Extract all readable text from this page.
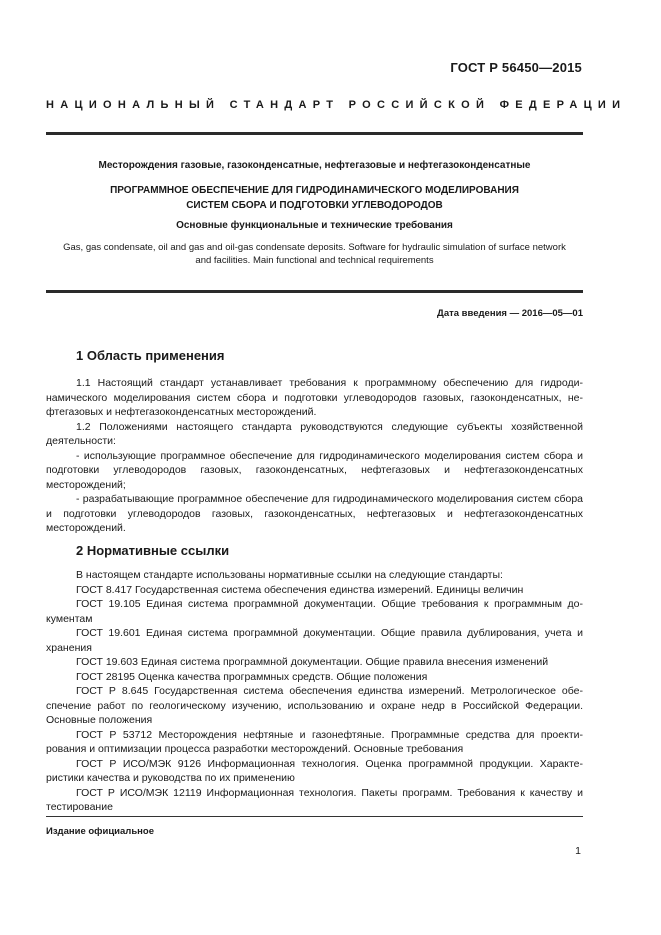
ГОСТ Р 56450—2015
НАЦИОНАЛЬНЫЙ СТАНДАРТ РОССИЙСКОЙ ФЕДЕРАЦИИ
Месторождения газовые, газоконденсатные, нефтегазовые и нефтегазоконденсатные
ПРОГРАММНОЕ ОБЕСПЕЧЕНИЕ ДЛЯ ГИДРОДИНАМИЧЕСКОГО МОДЕЛИРОВАНИЯ
СИСТЕМ СБОРА И ПОДГОТОВКИ УГЛЕВОДОРОДОВ
Основные функциональные и технические требования
Gas, gas condensate, oil and gas and oil-gas condensate deposits. Software for hydraulic simulation of surface network
and facilities. Main functional and technical requirements
Дата введения — 2016—05—01
1 Область применения

1.1 Настоящий стандарт устанавливает требования к программному обеспечению для гидродинамического моделирования систем сбора и подготовки углеводородов газовых, газоконденсатных, нефтегазовых и нефтегазоконденсатных месторождений.

1.2 Положениями настоящего стандарта руководствуются следующие субъекты хозяйственной деятельности:

- использующие программное обеспечение для гидродинамического моделирования систем сбора и подготовки углеводородов газовых, газоконденсатных, нефтегазовых и нефтегазоконденсатных месторождений;

- разрабатывающие программное обеспечение для гидродинамического моделирования систем сбора и подготовки углеводородов газовых, газоконденсатных, нефтегазовых и нефтегазоконденсатных месторождений.

2 Нормативные ссылки

В настоящем стандарте использованы нормативные ссылки на следующие стандарты:

ГОСТ 8.417 Государственная система обеспечения единства измерений. Единицы величин

ГОСТ 19.105 Единая система программной документации. Общие требования к программным документам

ГОСТ 19.601 Единая система программной документации. Общие правила дублирования, учета и хранения

ГОСТ 19.603 Единая система программной документации. Общие правила внесения изменений

ГОСТ 28195 Оценка качества программных средств. Общие положения

ГОСТ Р 8.645 Государственная система обеспечения единства измерений. Метрологическое обеспечение работ по геологическому изучению, использованию и охране недр в Российской Федерации. Основные положения

ГОСТ Р 53712 Месторождения нефтяные и газонефтяные. Программные средства для проектирования и оптимизации процесса разработки месторождений. Основные требования

ГОСТ Р ИСО/МЭК 9126 Информационная технология. Оценка программной продукции. Характеристики качества и руководства по их применению

ГОСТ Р ИСО/МЭК 12119 Информационная технология. Пакеты программ. Требования к качеству и тестирование

Издание официальное
1
